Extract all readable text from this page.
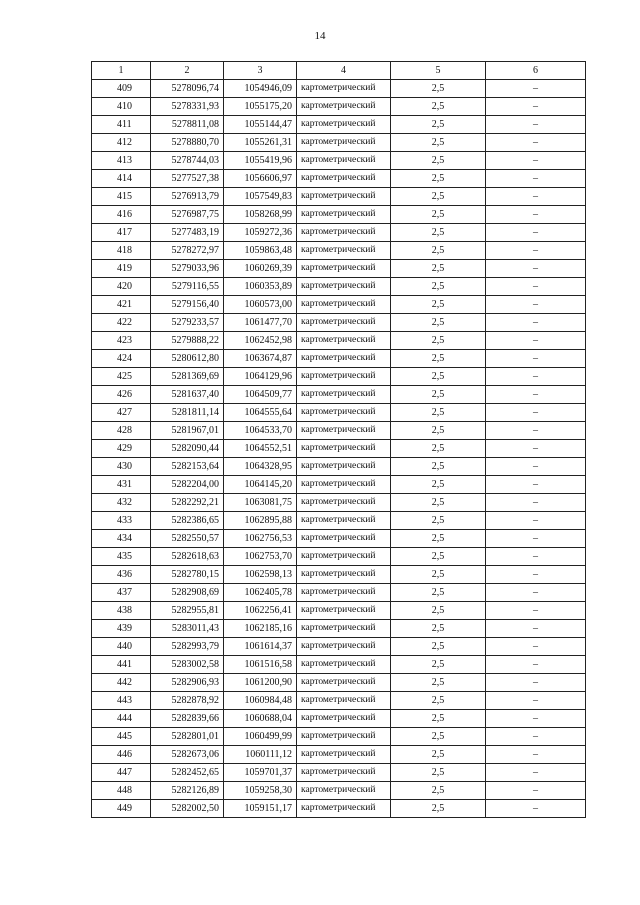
14
1	2	3	4	5	6
409	5278096,74	1054946,09	картометрический	2,5	–
410	5278331,93	1055175,20	картометрический	2,5	–
411	5278811,08	1055144,47	картометрический	2,5	–
412	5278880,70	1055261,31	картометрический	2,5	–
413	5278744,03	1055419,96	картометрический	2,5	–
414	5277527,38	1056606,97	картометрический	2,5	–
415	5276913,79	1057549,83	картометрический	2,5	–
416	5276987,75	1058268,99	картометрический	2,5	–
417	5277483,19	1059272,36	картометрический	2,5	–
418	5278272,97	1059863,48	картометрический	2,5	–
419	5279033,96	1060269,39	картометрический	2,5	–
420	5279116,55	1060353,89	картометрический	2,5	–
421	5279156,40	1060573,00	картометрический	2,5	–
422	5279233,57	1061477,70	картометрический	2,5	–
423	5279888,22	1062452,98	картометрический	2,5	–
424	5280612,80	1063674,87	картометрический	2,5	–
425	5281369,69	1064129,96	картометрический	2,5	–
426	5281637,40	1064509,77	картометрический	2,5	–
427	5281811,14	1064555,64	картометрический	2,5	–
428	5281967,01	1064533,70	картометрический	2,5	–
429	5282090,44	1064552,51	картометрический	2,5	–
430	5282153,64	1064328,95	картометрический	2,5	–
431	5282204,00	1064145,20	картометрический	2,5	–
432	5282292,21	1063081,75	картометрический	2,5	–
433	5282386,65	1062895,88	картометрический	2,5	–
434	5282550,57	1062756,53	картометрический	2,5	–
435	5282618,63	1062753,70	картометрический	2,5	–
436	5282780,15	1062598,13	картометрический	2,5	–
437	5282908,69	1062405,78	картометрический	2,5	–
438	5282955,81	1062256,41	картометрический	2,5	–
439	5283011,43	1062185,16	картометрический	2,5	–
440	5282993,79	1061614,37	картометрический	2,5	–
441	5283002,58	1061516,58	картометрический	2,5	–
442	5282906,93	1061200,90	картометрический	2,5	–
443	5282878,92	1060984,48	картометрический	2,5	–
444	5282839,66	1060688,04	картометрический	2,5	–
445	5282801,01	1060499,99	картометрический	2,5	–
446	5282673,06	1060111,12	картометрический	2,5	–
447	5282452,65	1059701,37	картометрический	2,5	–
448	5282126,89	1059258,30	картометрический	2,5	–
449	5282002,50	1059151,17	картометрический	2,5	–
